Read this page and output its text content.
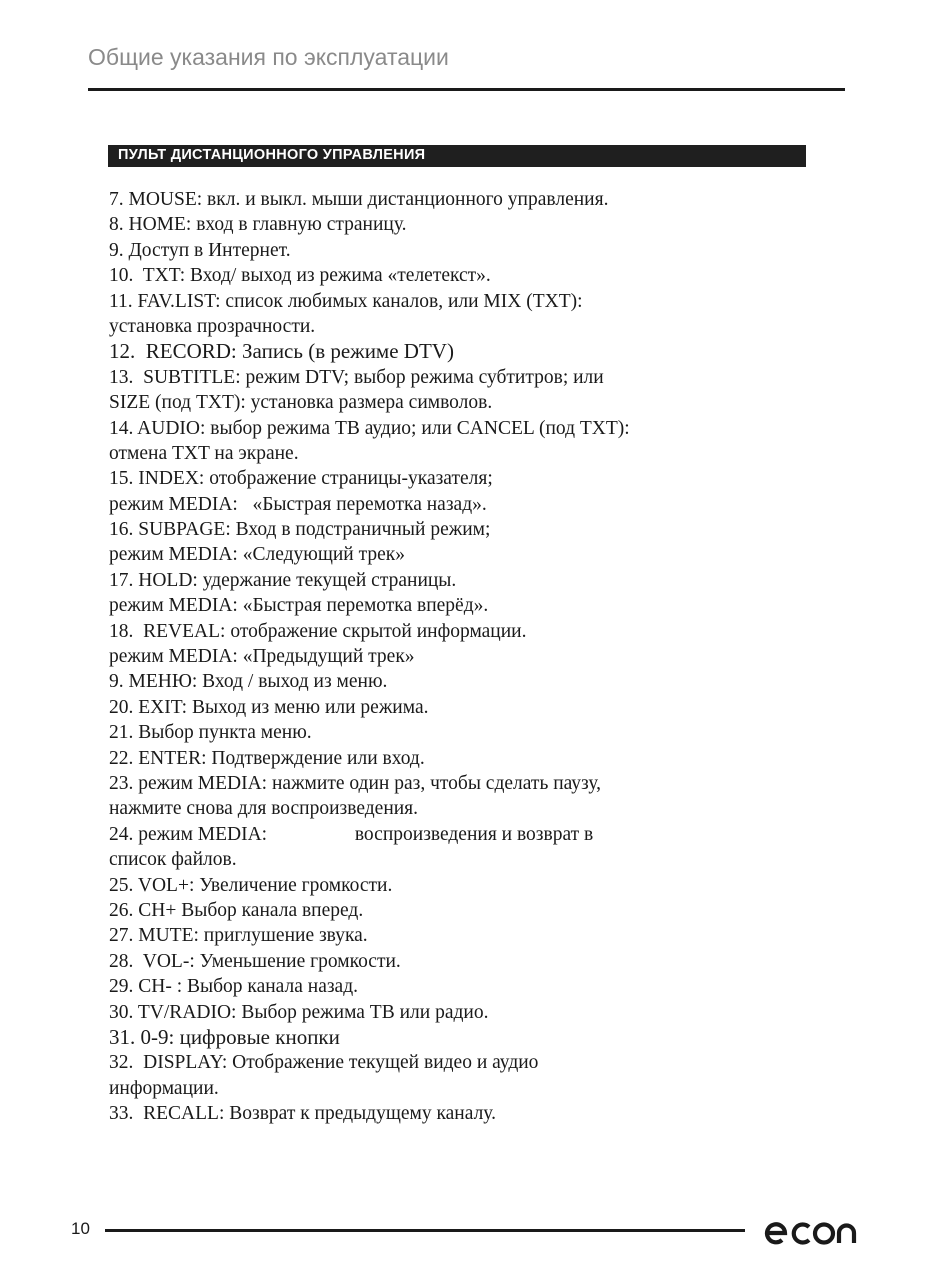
Общие указания по эксплуатации
ПУЛЬТ ДИСТАНЦИОННОГО УПРАВЛЕНИЯ
7. MOUSE: вкл. и выкл. мыши дистанционного управления.
8. HOME: вход в главную страницу.
9. Доступ в Интернет.
10.  TXT: Вход/ выход из режима «телетекст».
11. FAV.LIST: список любимых каналов, или MIX (TXT):
установка прозрачности.
12.  RECORD: Запись (в режиме DTV)
13.  SUBTITLE: режим DTV; выбор режима субтитров; или
SIZE (под TXT): установка размера символов.
14. AUDIO: выбор режима ТВ аудио; или CANCEL (под TXT):
отмена TXT на экране.
15. INDEX: отображение страницы-указателя;
режим MEDIA:   «Быстрая перемотка назад».
16. SUBPAGE: Вход в подстраничный режим;
режим MEDIA: «Следующий трек»
17. HOLD: удержание текущей страницы.
режим MEDIA: «Быстрая перемотка вперёд».
18.  REVEAL: отображение скрытой информации.
режим MEDIA: «Предыдущий трек»
9. МЕНЮ: Вход / выход из меню.
20. EXIT: Выход из меню или режима.
21. Выбор пункта меню.
22. ENTER: Подтверждение или вход.
23. режим MEDIA: нажмите один раз, чтобы сделать паузу,
нажмите снова для воспроизведения.
24. режим MEDIA:                  воспроизведения и возврат в
список файлов.
25. VOL+: Увеличение громкости.
26. CH+ Выбор канала вперед.
27. MUTE: приглушение звука.
28.  VOL-: Уменьшение громкости.
29. CH- : Выбор канала назад.
30. TV/RADIO: Выбор режима ТВ или радио.
31. 0-9: цифровые кнопки
32.  DISPLAY: Отображение текущей видео и аудио
информации.
33.  RECALL: Возврат к предыдущему каналу.
10
